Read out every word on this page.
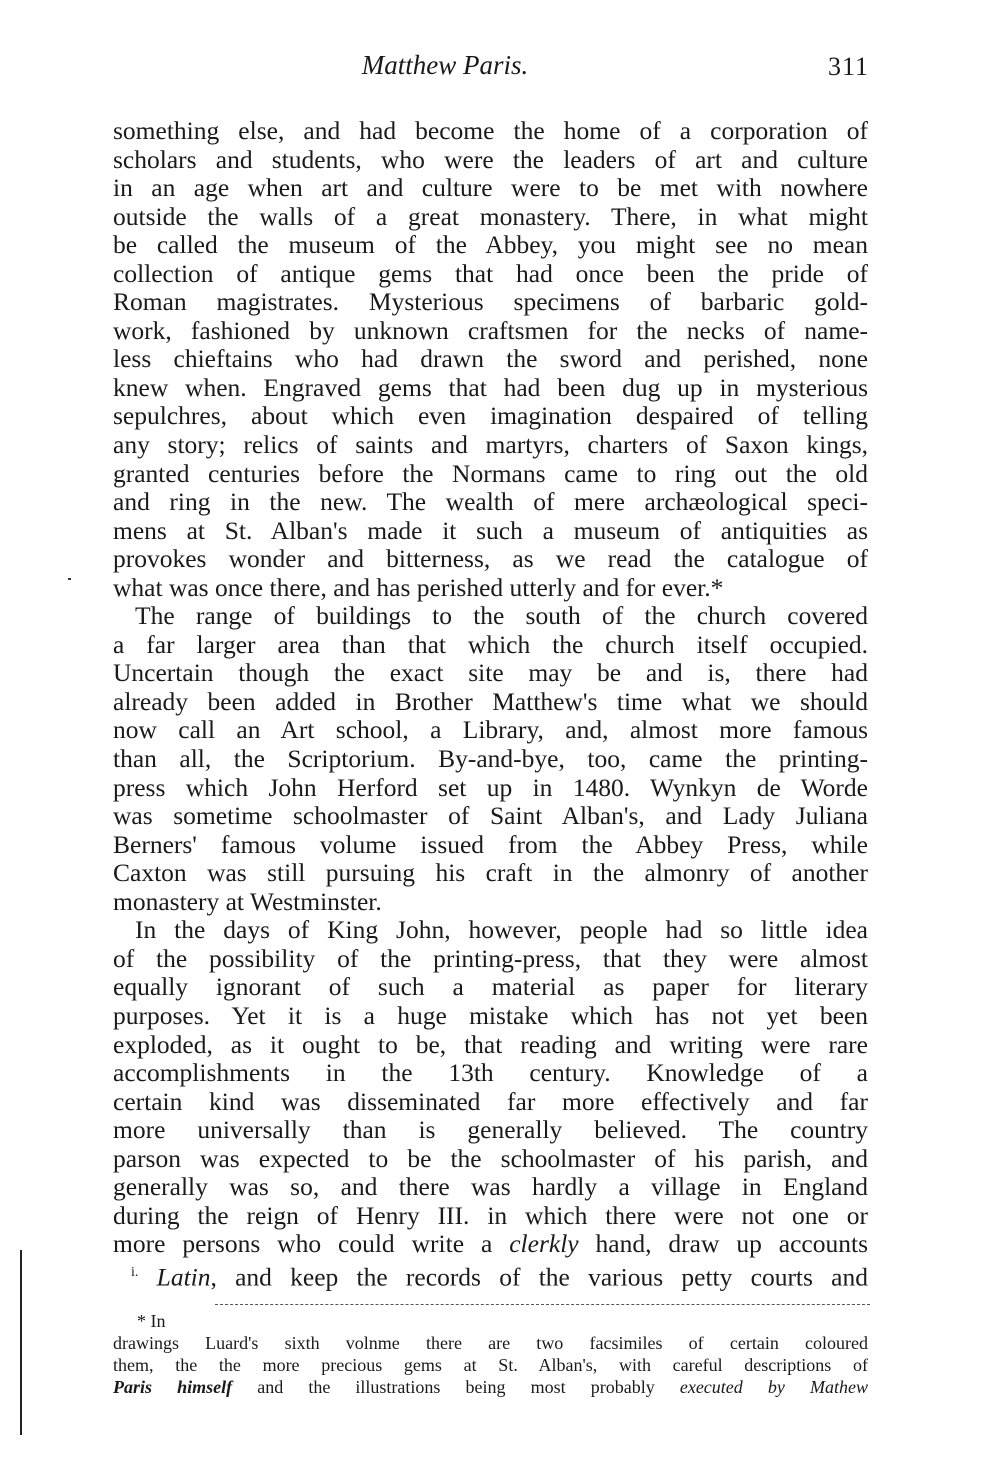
Matthew Paris.	311
something else, and had become the home of a corporation of
scholars and students, who were the leaders of art and culture
in an age when art and culture were to be met with nowhere
outside the walls of a great monastery. There, in what might
be called the museum of the Abbey, you might see no mean
collection of antique gems that had once been the pride of
Roman magistrates. Mysterious specimens of barbaric gold-
work, fashioned by unknown craftsmen for the necks of name-
less chieftains who had drawn the sword and perished, none
knew when. Engraved gems that had been dug up in mysterious
sepulchres, about which even imagination despaired of telling
any story; relics of saints and martyrs, charters of Saxon kings,
granted centuries before the Normans came to ring out the old
and ring in the new. The wealth of mere archæological speci-
mens at St. Alban's made it such a museum of antiquities as
provokes wonder and bitterness, as we read the catalogue of
what was once there, and has perished utterly and for ever.*
The range of buildings to the south of the church covered
a far larger area than that which the church itself occupied.
Uncertain though the exact site may be and is, there had
already been added in Brother Matthew's time what we should
now call an Art school, a Library, and, almost more famous
than all, the Scriptorium. By-and-bye, too, came the printing-
press which John Herford set up in 1480. Wynkyn de Worde
was sometime schoolmaster of Saint Alban's, and Lady Juliana
Berners' famous volume issued from the Abbey Press, while
Caxton was still pursuing his craft in the almonry of another
monastery at Westminster.
In the days of King John, however, people had so little idea
of the possibility of the printing-press, that they were almost
equally ignorant of such a material as paper for literary
purposes. Yet it is a huge mistake which has not yet been
exploded, as it ought to be, that reading and writing were rare
accomplishments in the 13th century. Knowledge of a
certain kind was disseminated far more effectively and far
more universally than is generally believed. The country
parson was expected to be the schoolmaster of his parish, and
generally was so, and there was hardly a village in England
during the reign of Henry III. in which there were not one or
more persons who could write a clerkly hand, draw up accounts
$^{i.}$ Latin, and keep the records of the various petty courts and
* In
drawings Luard's sixth volnme there are two facsimiles of certain coloured
them, the the more precious gems at St. Alban's, with careful descriptions of
Paris himself and the illustrations being most probably executed by Mathew
